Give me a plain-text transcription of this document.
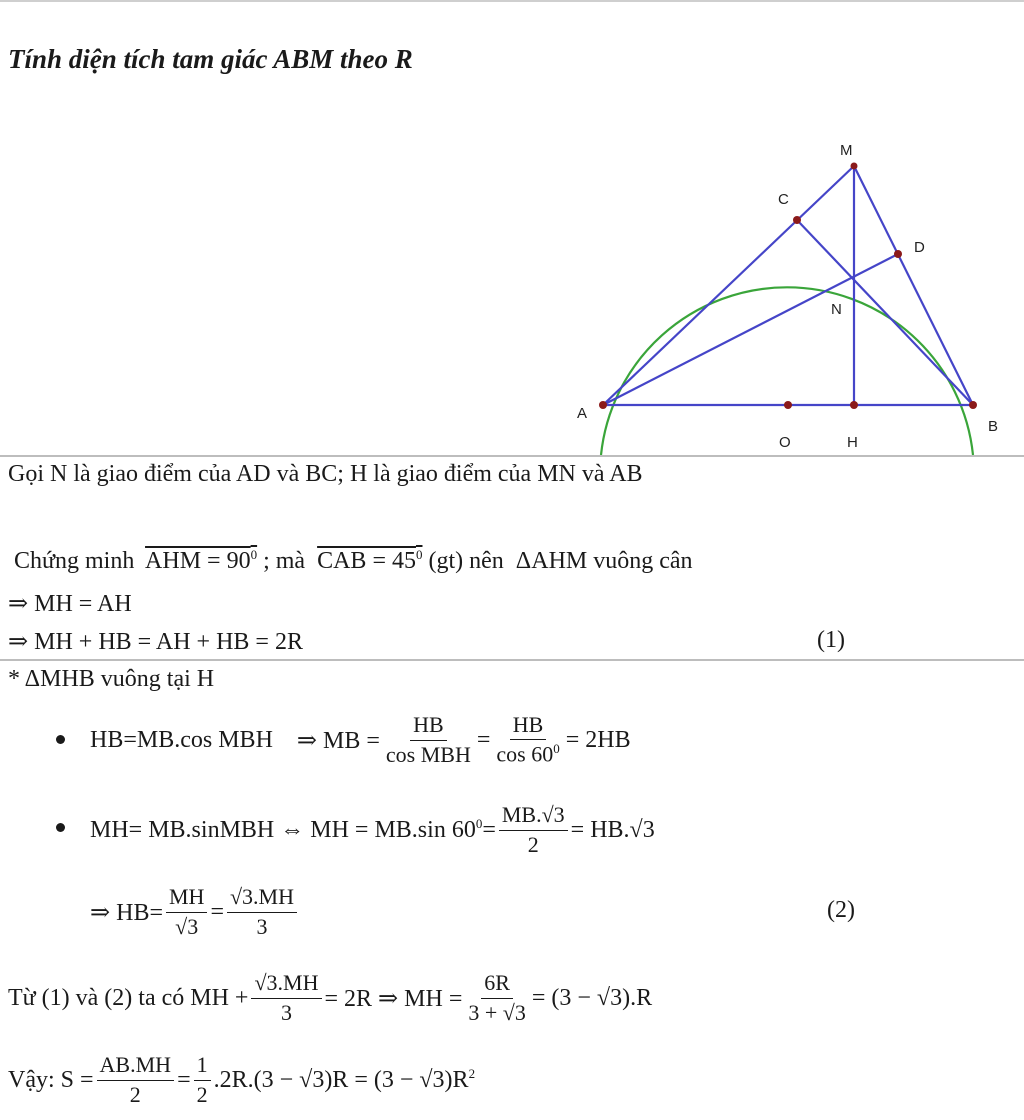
Tính diện tích tam giác ABM theo R
M
C
D
N
A
B
O	H
Gọi N là giao điểm của AD và BC; H là giao điểm của MN và AB
Chứng minh AHM = $90^0$ ; mà CAB = $45^0$ (gt) nên ΔAHM vuông cân
⇒ MH = AH
⇒ MH + HB = AH + HB = 2R	(1)
* ΔMHB vuông tại H
HB=MB.cos MBH
⇒ MB = $\frac{HB}{\text{cos MBH}} = \frac{HB}{\cos 60^0} = 2HB$
MH= MB.sinMBH
⇔ MH = MB.sin $60^0 = \frac{MB.√3}{2} = HB.√3$
⇒ $HB= \frac{MH}{√3} = \frac{√3.MH}{3}$	(2)
Từ (1) và (2) ta có MH + $\frac{√3.MH}{3} = 2R$ ⇒ MH = $\frac{6R}{3 + √3} = (3 - √3).R$
Vậy: $S = \frac{AB.MH}{2} = \frac{1}{2} .2R.(3 - √3)R = (3 - √3)R^2$
